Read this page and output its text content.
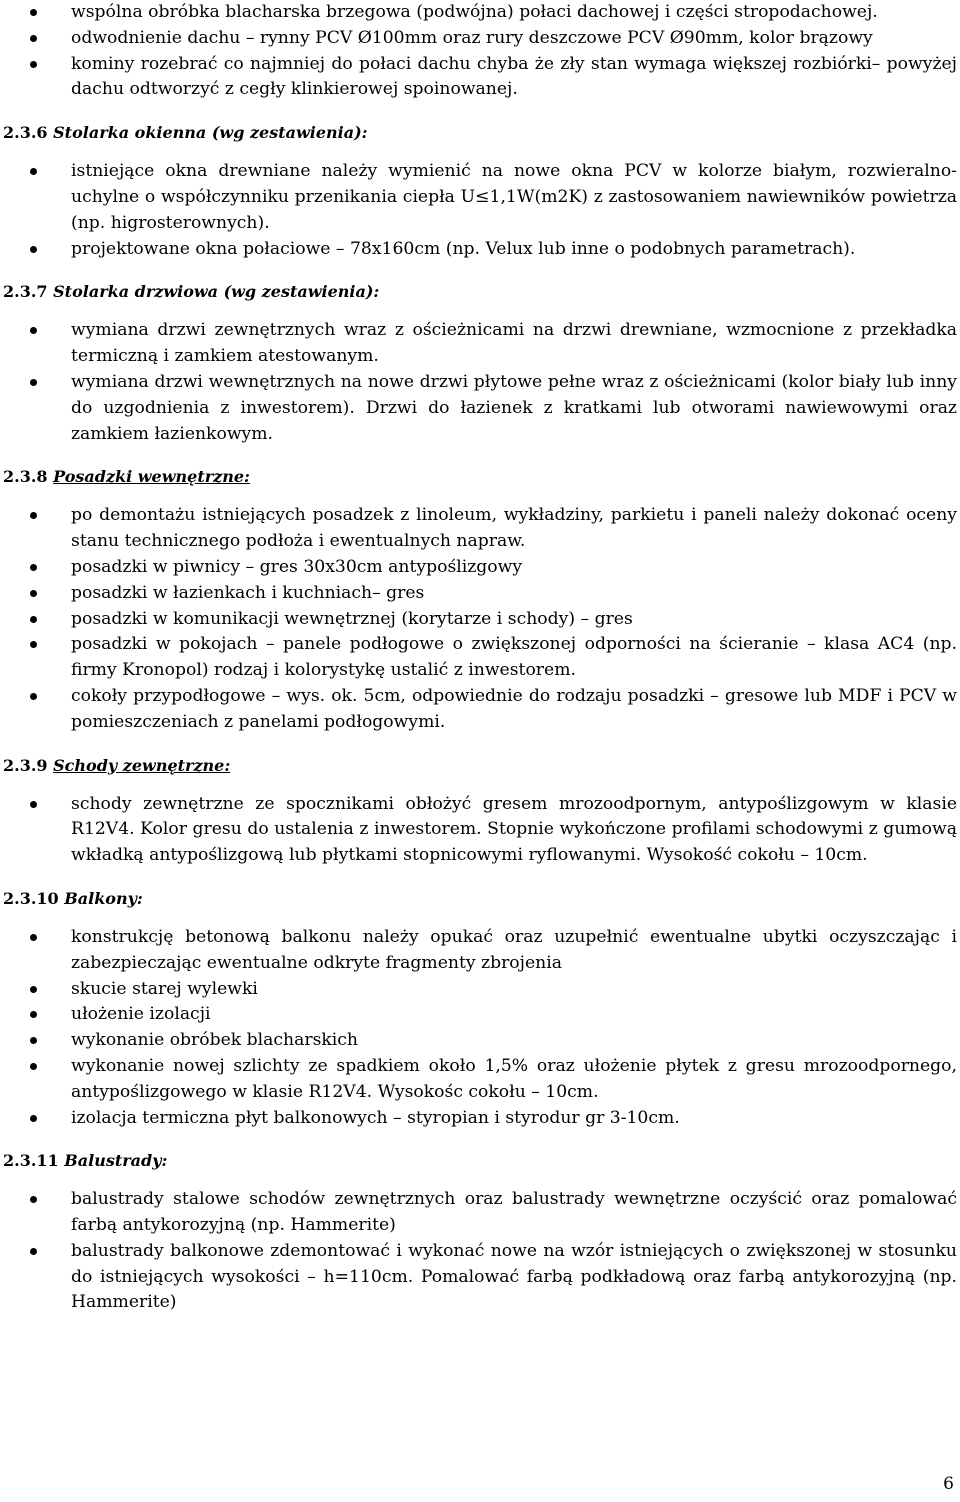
wspólna obróbka blacharska brzegowa (podwójna) połaci dachowej i części stropodachowej.
odwodnienie dachu – rynny PCV Ø100mm oraz rury deszczowe PCV Ø90mm, kolor brązowy
kominy rozebrać co najmniej do połaci dachu chyba że zły stan wymaga większej rozbiórki– powyżej dachu odtworzyć z cegły klinkierowej spoinowanej.
2.3.6
Stolarka okienna (wg zestawienia):
istniejące okna drewniane należy wymienić na nowe okna PCV w kolorze białym, rozwieralno-uchylne o współczynniku przenikania ciepła U≤1,1W(m2K) z zastosowaniem nawiewników powietrza (np. higrosterownych).
projektowane okna połaciowe – 78x160cm (np. Velux lub inne o podobnych parametrach).
2.3.7
Stolarka drzwiowa (wg zestawienia):
wymiana drzwi zewnętrznych wraz z ościeżnicami na drzwi drewniane, wzmocnione z przekładka termiczną i zamkiem atestowanym.
wymiana drzwi wewnętrznych na nowe drzwi płytowe pełne wraz z ościeżnicami (kolor biały lub inny do uzgodnienia z inwestorem). Drzwi do łazienek z kratkami lub otworami nawiewowymi oraz zamkiem łazienkowym.
2.3.8
Posadzki wewnętrzne:
po demontażu istniejących posadzek z linoleum, wykładziny, parkietu i paneli należy dokonać oceny stanu technicznego podłoża i ewentualnych napraw.
posadzki w piwnicy – gres 30x30cm antypoślizgowy
posadzki w łazienkach i kuchniach– gres
posadzki w komunikacji wewnętrznej (korytarze i schody) – gres
posadzki w pokojach – panele podłogowe o zwiększonej odporności na ścieranie – klasa AC4 (np. firmy Kronopol) rodzaj i kolorystykę ustalić z inwestorem.
cokoły przypodłogowe – wys. ok. 5cm, odpowiednie do rodzaju posadzki – gresowe lub MDF i PCV w pomieszczeniach z panelami podłogowymi.
2.3.9
Schody zewnętrzne:
schody zewnętrzne ze spocznikami obłożyć gresem mrozoodpornym, antypoślizgowym w klasie R12V4. Kolor gresu do ustalenia z inwestorem. Stopnie wykończone profilami schodowymi z gumową wkładką antypoślizgową lub płytkami stopnicowymi ryflowanymi. Wysokość cokołu – 10cm.
2.3.10
Balkony:
konstrukcję betonową balkonu należy opukać oraz uzupełnić ewentualne ubytki oczyszczając i zabezpieczając ewentualne odkryte fragmenty zbrojenia
skucie starej wylewki
ułożenie izolacji
wykonanie obróbek blacharskich
wykonanie nowej szlichty ze spadkiem około 1,5% oraz ułożenie płytek z gresu mrozoodpornego, antypoślizgowego w klasie R12V4. Wysokośc cokołu – 10cm.
izolacja termiczna płyt balkonowych – styropian i styrodur gr 3-10cm.
2.3.11
Balustrady:
balustrady stalowe schodów zewnętrznych oraz balustrady wewnętrzne oczyścić oraz pomalować farbą antykorozyjną (np. Hammerite)
balustrady balkonowe zdemontować i wykonać nowe na wzór istniejących o zwiększonej w stosunku do istniejących wysokości – h=110cm. Pomalować farbą podkładową oraz farbą antykorozyjną (np. Hammerite)
6
